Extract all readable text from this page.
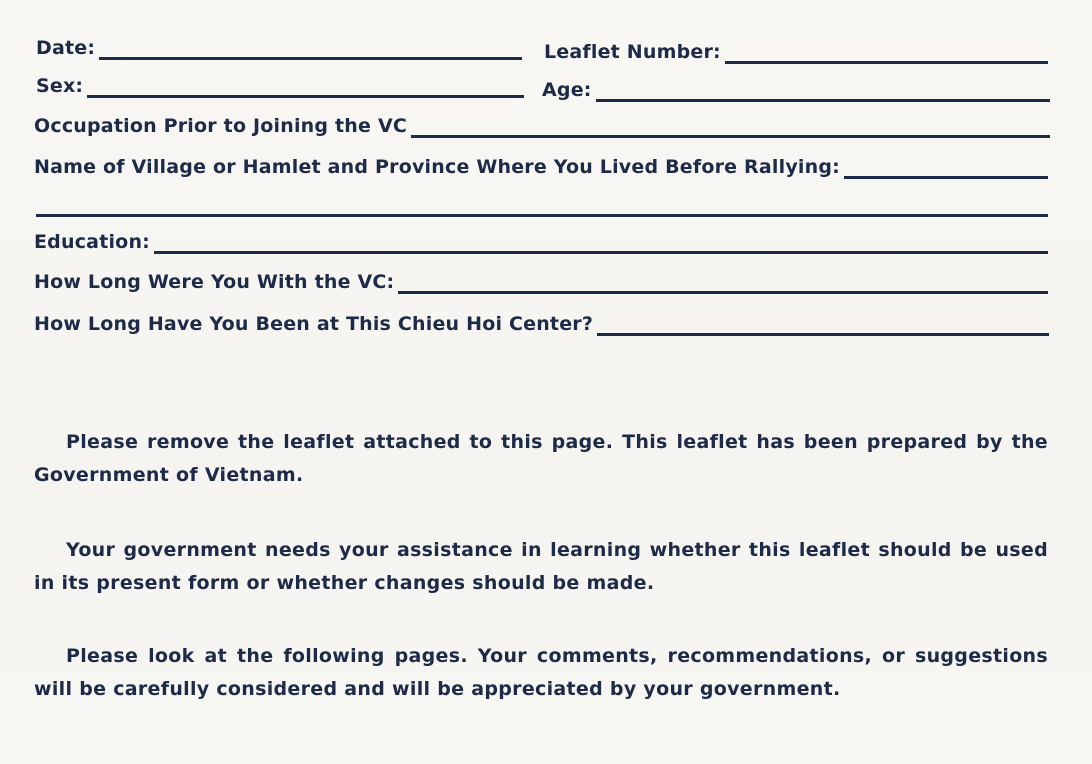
Date:	Leaflet Number:
Sex:	Age:
Occupation Prior to Joining the VC
Name of Village or Hamlet and Province Where You Lived Before Rallying:
Education:
How Long Were You With the VC:
How Long Have You Been at This Chieu Hoi Center?

Please remove the leaflet attached to this page. This leaflet has been prepared by the Government of Vietnam.

Your government needs your assistance in learning whether this leaflet should be used in its present form or whether changes should be made.

Please look at the following pages. Your comments, recommendations, or suggestions will be carefully considered and will be appreciated by your government.
